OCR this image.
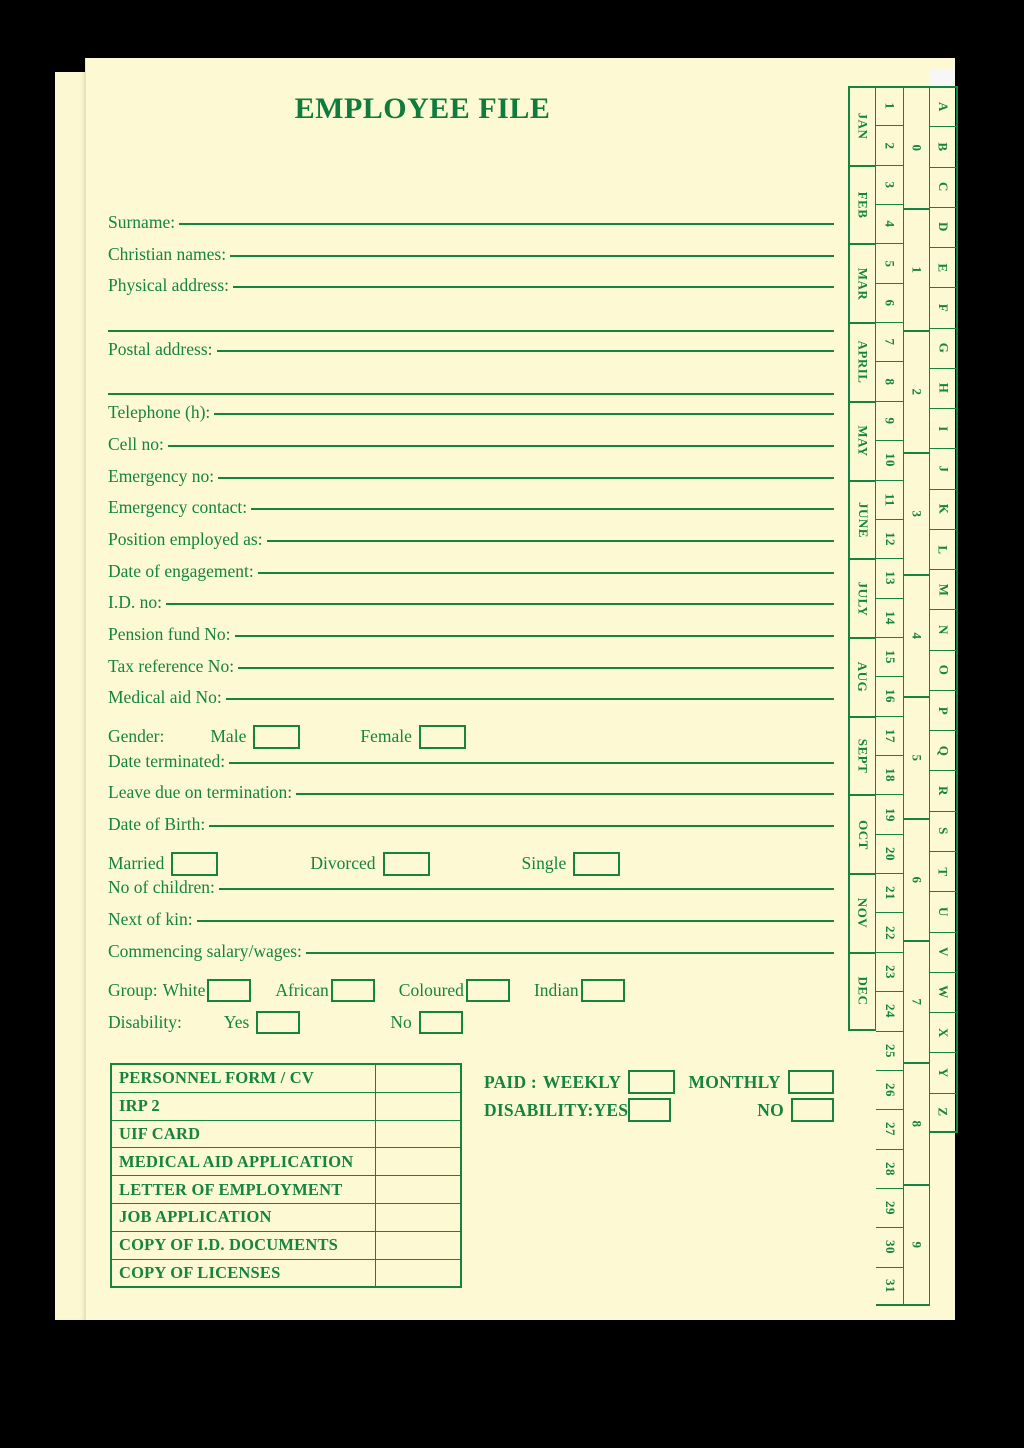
EMPLOYEE FILE
Surname:
Christian names:
Physical address:
Postal address:
Telephone (h):
Cell no:
Emergency no:
Emergency contact:
Position employed as:
Date of engagement:
I.D. no:
Pension fund No:
Tax reference No:
Medical aid No:
Gender:	Male	Female
Date terminated:
Leave due on termination:
Date of Birth:
Married	Divorced	Single
No of children:
Next of kin:
Commencing salary/wages:
Group: White	African	Coloured	Indian
Disability: Yes	No
PERSONNEL FORM / CV	
IRP 2	
UIF CARD	
MEDICAL AID APPLICATION	
LETTER OF EMPLOYMENT	
JOB APPLICATION	
COPY OF I.D. DOCUMENTS	
COPY OF LICENSES	
PAID : WEEKLY	MONTHLY
DISABILITY:YES	NO
JAN
FEB
MAR
APRIL
MAY
JUNE
JULY
AUG
SEPT
OCT
NOV
DEC
1
2
3
4
5
6
7
8
9
10
11
12
13
14
15
16
17
18
19
20
21
22
23
24
25
26
27
28
29
30
31
0
1
2
3
4
5
6
7
8
9
A
B
C
D
E
F
G
H
I
J
K
L
M
N
O
P
Q
R
S
T
U
V
W
X
Y
Z
